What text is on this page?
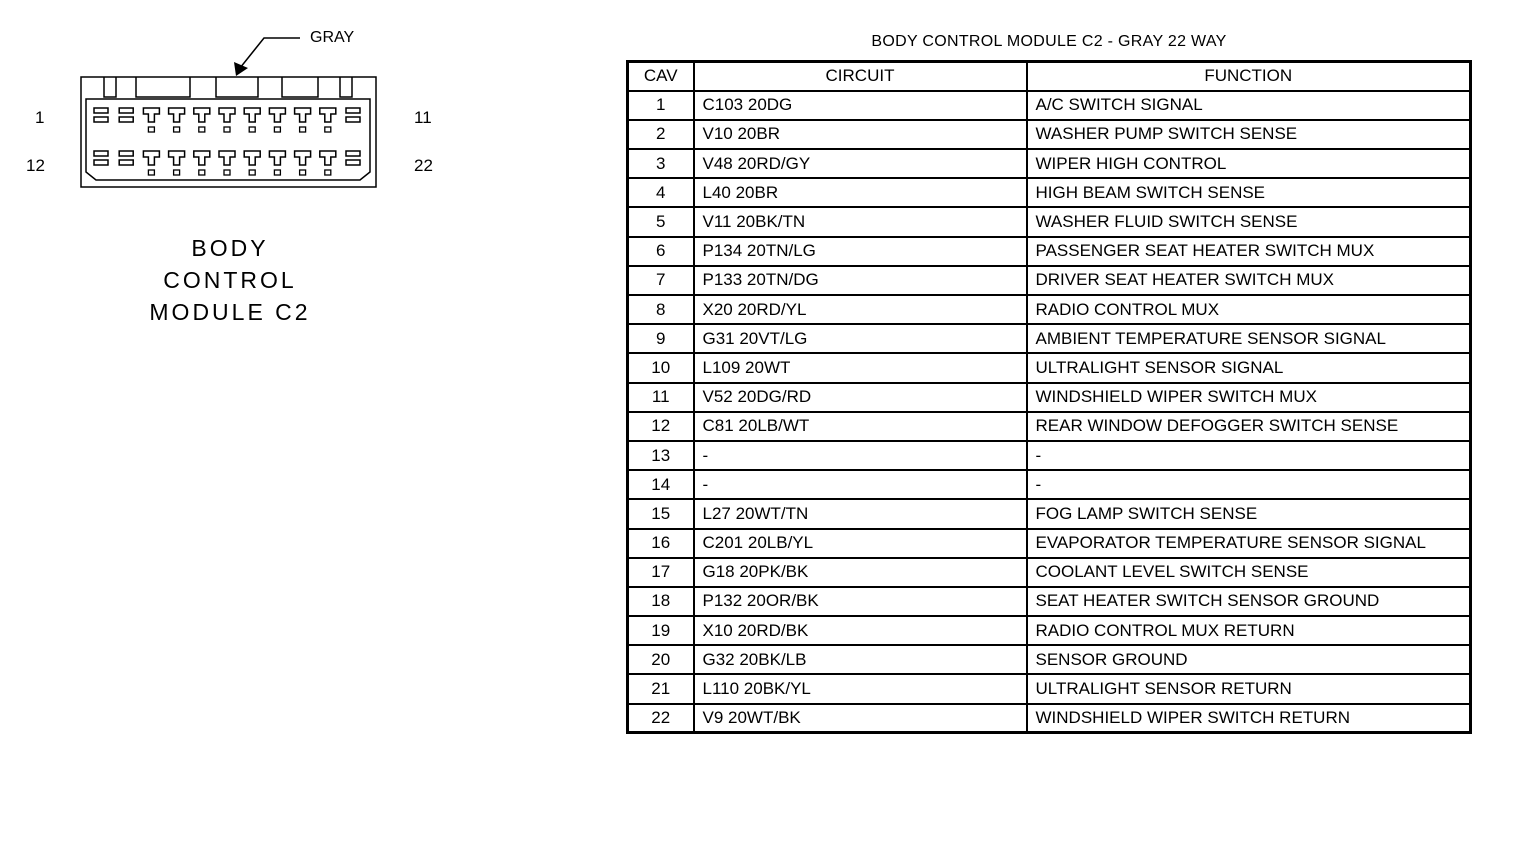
GRAY
1	11
12	22
BODY
CONTROL
MODULE C2
BODY CONTROL MODULE C2 - GRAY 22 WAY
CAV	CIRCUIT	FUNCTION
1	C103 20DG	A/C SWITCH SIGNAL
2	V10 20BR	WASHER PUMP SWITCH SENSE
3	V48 20RD/GY	WIPER HIGH CONTROL
4	L40 20BR	HIGH BEAM SWITCH SENSE
5	V11 20BK/TN	WASHER FLUID SWITCH SENSE
6	P134 20TN/LG	PASSENGER SEAT HEATER SWITCH MUX
7	P133 20TN/DG	DRIVER SEAT HEATER SWITCH MUX
8	X20 20RD/YL	RADIO CONTROL MUX
9	G31 20VT/LG	AMBIENT TEMPERATURE SENSOR SIGNAL
10	L109 20WT	ULTRALIGHT SENSOR SIGNAL
11	V52 20DG/RD	WINDSHIELD WIPER SWITCH MUX
12	C81 20LB/WT	REAR WINDOW DEFOGGER SWITCH SENSE
13	-	-
14	-	-
15	L27 20WT/TN	FOG LAMP SWITCH SENSE
16	C201 20LB/YL	EVAPORATOR TEMPERATURE SENSOR SIGNAL
17	G18 20PK/BK	COOLANT LEVEL SWITCH SENSE
18	P132 20OR/BK	SEAT HEATER SWITCH SENSOR GROUND
19	X10 20RD/BK	RADIO CONTROL MUX RETURN
20	G32 20BK/LB	SENSOR GROUND
21	L110 20BK/YL	ULTRALIGHT SENSOR RETURN
22	V9 20WT/BK	WINDSHIELD WIPER SWITCH RETURN
